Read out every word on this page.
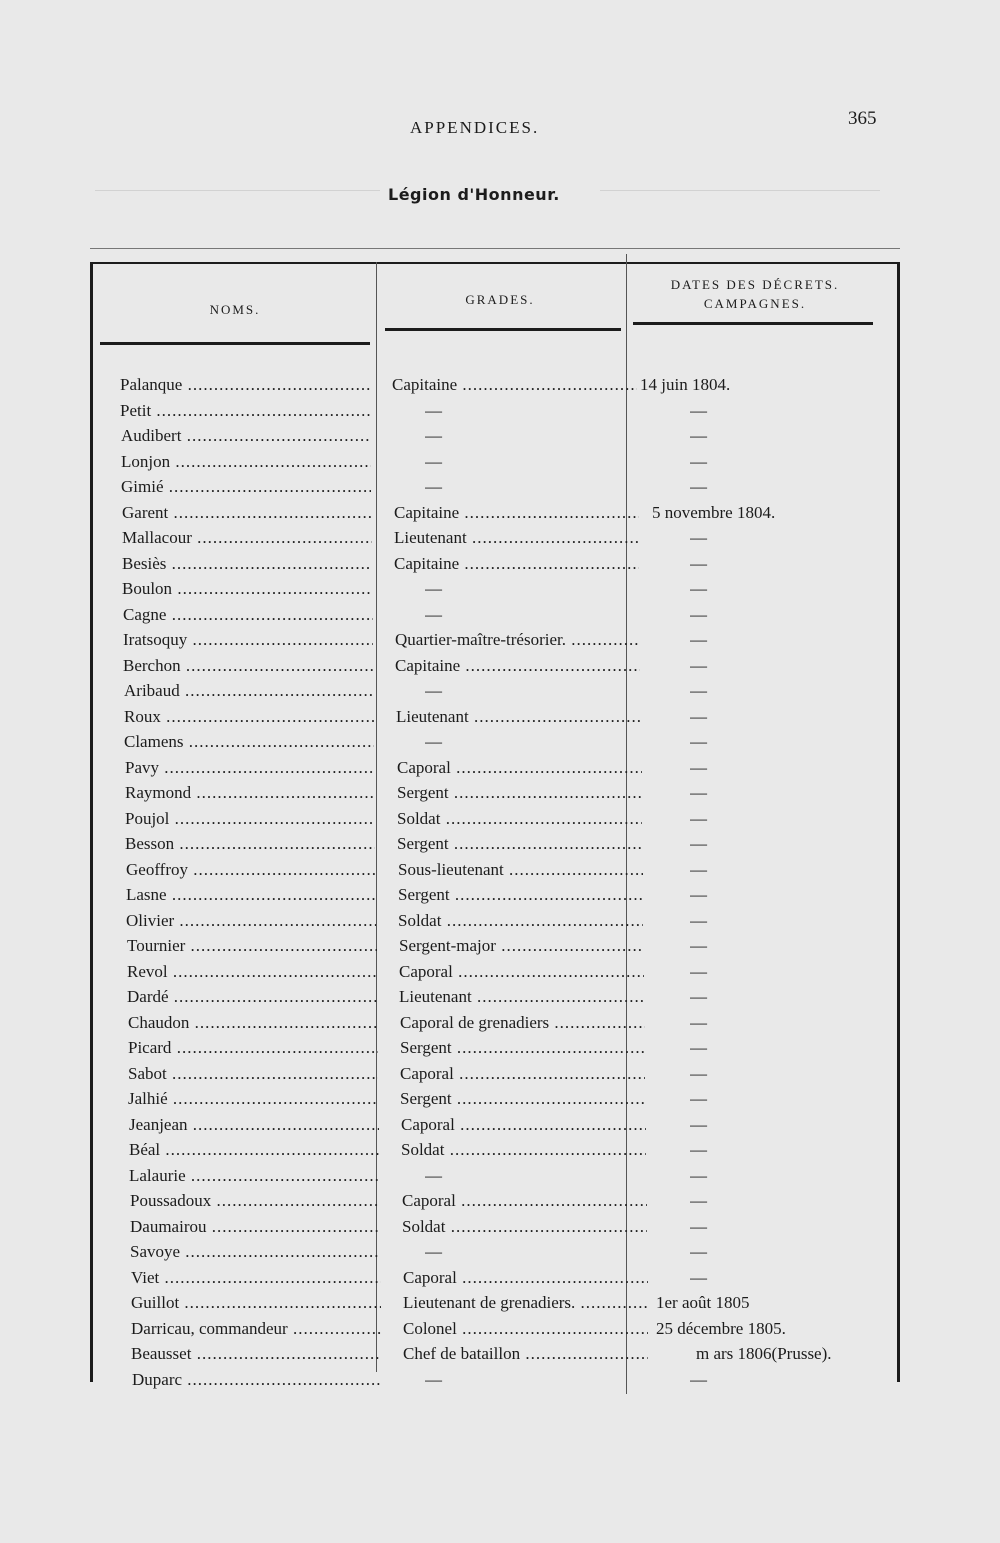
APPENDICES.	365
Légion d'Honneur.
NOMS.
GRADES.
DATES DES DÉCRETS.
CAMPAGNES.
Palanque .....	Capitaine .....	14 juin 1804.
Petit .....	—	—
Audibert .....	—	—
Lonjon .....	—	—
Gimié .....	—	—
Garent .....	Capitaine .....	5 novembre 1804.
Mallacour .....	Lieutenant .....	—
Besiès .....	Capitaine .....	—
Boulon .....	—	—
Cagne .....	—	—
Iratsoquy .....	Quartier-maître-trésorier. .....	—
Berchon .....	Capitaine .....	—
Aribaud .....	—	—
Roux .....	Lieutenant .....	—
Clamens .....	—	—
Pavy .....	Caporal .....	—
Raymond .....	Sergent .....	—
Poujol .....	Soldat .....	—
Besson .....	Sergent .....	—
Geoffroy .....	Sous-lieutenant .....	—
Lasne .....	Sergent .....	—
Olivier .....	Soldat .....	—
Tournier .....	Sergent-major .....	—
Revol .....	Caporal .....	—
Dardé .....	Lieutenant .....	—
Chaudon .....	Caporal de grenadiers .....	—
Picard .....	Sergent .....	—
Sabot .....	Caporal .....	—
Jalhié .....	Sergent .....	—
Jeanjean .....	Caporal .....	—
Béal .....	Soldat .....	—
Lalaurie .....	—	—
Poussadoux .....	Caporal .....	—
Daumairou .....	Soldat .....	—
Savoye .....	—	—
Viet .....	Caporal .....	—
Guillot .....	Lieutenant de grenadiers. .....	1er août 1805
Darricau, commandeur .....	Colonel .....	25 décembre 1805.
Beausset .....	Chef de bataillon .....	m ars 1806(Prusse).
Duparc .....	—	—
